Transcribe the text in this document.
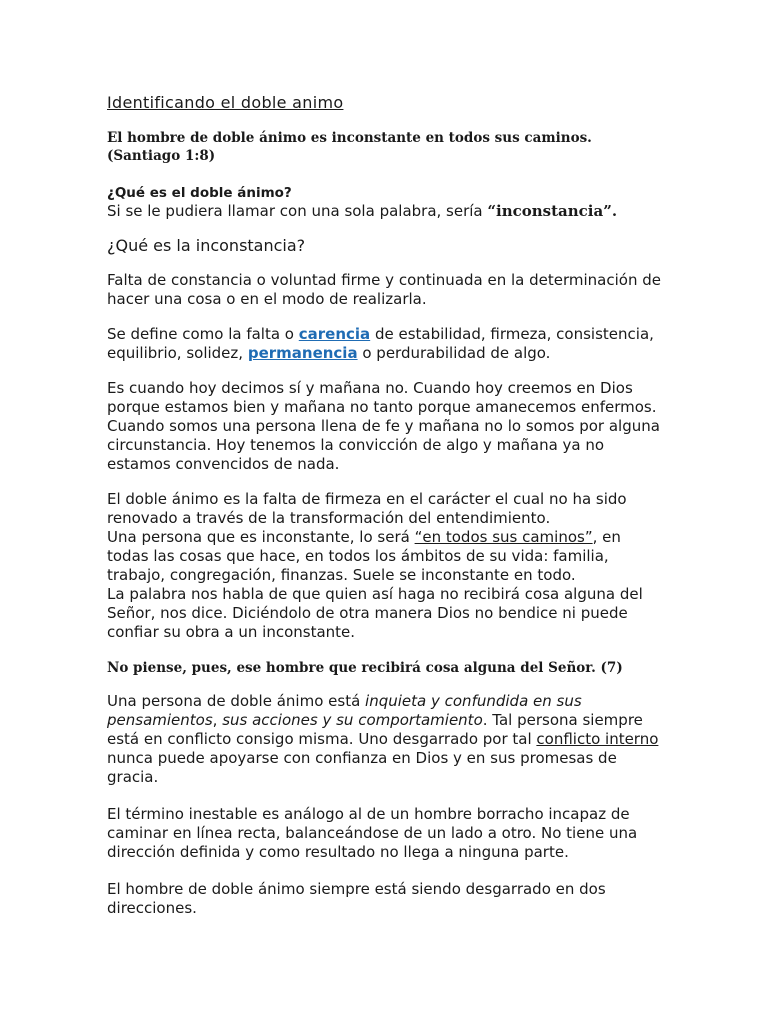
Identificando el doble animo

El hombre de doble ánimo es inconstante en todos sus caminos. (Santiago 1:8)

¿Qué es el doble ánimo?

Si se le pudiera llamar con una sola palabra, sería “inconstancia”.

¿Qué es la inconstancia?

Falta de constancia o voluntad firme y continuada en la determinación de hacer una cosa o en el modo de realizarla.

Se define como la falta o carencia de estabilidad, firmeza, consistencia, equilibrio, solidez, permanencia o perdurabilidad de algo.

Es cuando hoy decimos sí y mañana no. Cuando hoy creemos en Dios porque estamos bien y mañana no tanto porque amanecemos enfermos. Cuando somos una persona llena de fe y mañana no lo somos por alguna circunstancia. Hoy tenemos la convicción de algo y mañana ya no estamos convencidos de nada.

El doble ánimo es la falta de firmeza en el carácter el cual no ha sido renovado a través de la transformación del entendimiento.

Una persona que es inconstante, lo será “en todos sus caminos”, en todas las cosas que hace, en todos los ámbitos de su vida: familia, trabajo, congregación, finanzas. Suele se inconstante en todo.

La palabra nos habla de que quien así haga no recibirá cosa alguna del Señor, nos dice. Diciéndolo de otra manera Dios no bendice ni puede confiar su obra a un inconstante.

No piense, pues, ese hombre que recibirá cosa alguna del Señor. (7)

Una persona de doble ánimo está inquieta y confundida en sus pensamientos, sus acciones y su comportamiento. Tal persona siempre está en conflicto consigo misma. Uno desgarrado por tal conflicto interno nunca puede apoyarse con confianza en Dios y en sus promesas de gracia.

El término inestable es análogo al de un hombre borracho incapaz de caminar en línea recta, balanceándose de un lado a otro. No tiene una dirección definida y como resultado no llega a ninguna parte.

El hombre de doble ánimo siempre está siendo desgarrado en dos direcciones.
